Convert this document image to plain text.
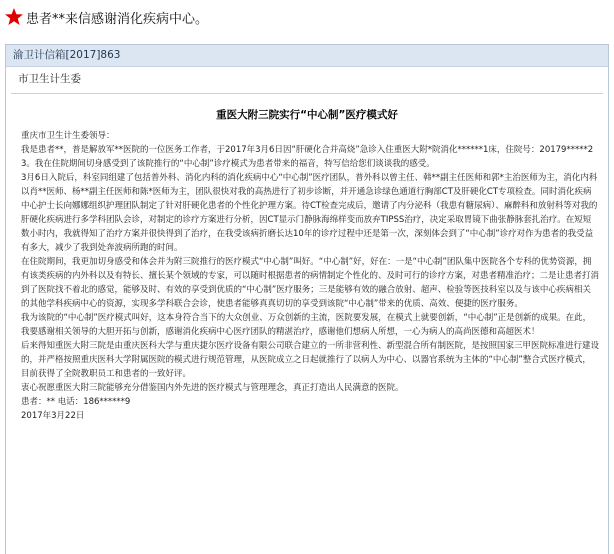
患者**来信感谢消化疾病中心。
渝卫计信箱[2017]863
市卫生计生委
重医大附三院实行“中心制”医疗模式好

重庆市卫生计生委领导：

我是患者**，普是解放军**医院的一位医务工作者，于2017年3月6日因“肝硬化合并高烧”急诊入住重医大附*院消化******1床，住院号：20179*****23。我在住院期间切身感受到了该院推行的“中心制”诊疗模式为患者带来的福音，特写信给您们谈谈我的感受。

3月6日入院后，科室同组建了包括普外科、消化内科的消化疾病中心“中心制”医疗团队，普外科以曾主任、韩**副主任医师和郭*主治医师为主，消化内科以肖**医师、杨**副主任医师和陈*医师为主，团队很快对我的高热进行了初步诊断，并开通急诊绿色通道行胸部CT及肝硬化CT专项检查。同时消化疾病中心护士长向娜娜组织护理团队制定了针对肝硬化患者的个性化护理方案。待CT检查完成后，邀请了内分泌科（我患有糖尿病）、麻醉科和放射科等对我的肝硬化疾病进行多学科团队会诊，对制定的诊疗方案进行分析，因CT显示门静脉海绵样变而放弃TIPSS治疗，决定采取胃镜下曲张静脉套扎治疗。在短短数小时内，我就得知了治疗方案并很快得到了治疗，在我受该病折磨长达10年的诊疗过程中还是第一次，深刻体会到了“中心制”诊疗对作为患者的我受益有多大，减少了我到处奔波病所跑的时间。

在住院期间，我更加切身感受和体会并为附三院推行的医疗模式“中心制”叫好。“中心制”好，好在：一是“中心制”团队集中医院各个专科的优势资源，拥有该类疾病的内外科以及有特长、擅长某个领域的专家，可以随时根据患者的病情制定个性化的、及时可行的诊疗方案，对患者精准治疗；二是让患者打消到了医院找不着北的感觉，能够及时、有效的享受到优质的“中心制”医疗服务；三是能够有效的融合放射、超声、检验等医技科室以及与该中心疾病相关的其他学科疾病中心的资源，实现多学科联合会诊，使患者能够真真切切的享受到该院“中心制”带来的优质、高效、便捷的医疗服务。

我为该院的“中心制”医疗模式叫好，这本身符合当下的大众创业、万众创新的主流，医院要发展，在模式上就要创新，“中心制”正是创新的成果。在此，我要感谢相关领导的大胆开拓与创新，感谢消化疾病中心医疗团队的精湛治疗，感谢他们想病人所想，一心为病人的高尚医德和高超医术！

后来得知重医大附三院是由重庆医科大学与重庆捷尔医疗设备有限公司联合建立的一所非营利性、新型混合所有制医院，是按照国家三甲医院标准进行建设的，并严格按照重庆医科大学附属医院的模式进行规范管理，从医院成立之日起就推行了以病人为中心、以器官系统为主体的“中心制”整合式医疗模式，目前获得了全院教职员工和患者的一致好评。

衷心祝愿重医大附三院能够充分借鉴国内外先进的医疗模式与管理理念，真正打造出人民满意的医院。

患者：** 电话：186******9

2017年3月22日
